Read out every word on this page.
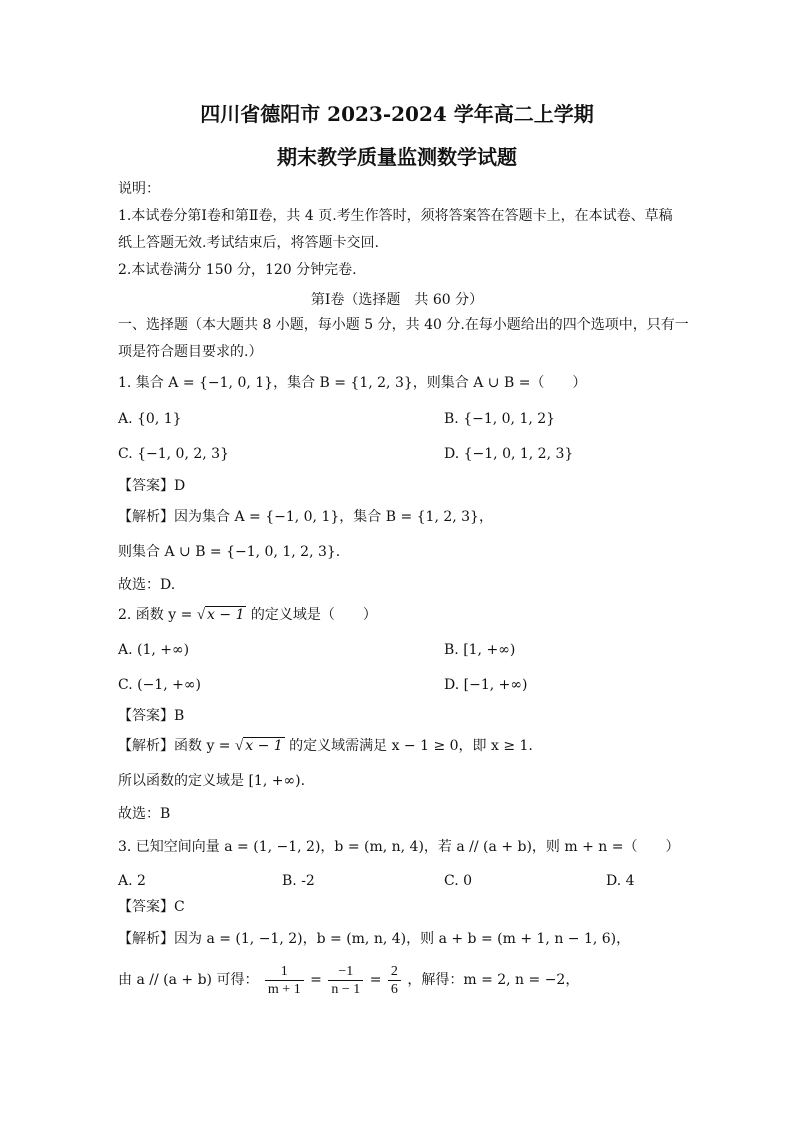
四川省德阳市 2023-2024 学年高二上学期
期末教学质量监测数学试题
说明：
1.本试卷分第Ⅰ卷和第Ⅱ卷，共 4 页.考生作答时，须将答案答在答题卡上，在本试卷、草稿
纸上答题无效.考试结束后，将答题卡交回.
2.本试卷满分 150 分，120 分钟完卷.
第Ⅰ卷（选择题　共 60 分）
一、选择题（本大题共 8 小题，每小题 5 分，共 40 分.在每小题给出的四个选项中，只有一
项是符合题目要求的.）
1. 集合 A = {−1, 0, 1}，集合 B = {1, 2, 3}，则集合 A ∪ B =（　　）
A. {0, 1}	B. {−1, 0, 1, 2}
C. {−1, 0, 2, 3}	D. {−1, 0, 1, 2, 3}
【答案】D
【解析】因为集合 A = {−1, 0, 1}，集合 B = {1, 2, 3}，
则集合 A ∪ B = {−1, 0, 1, 2, 3}.
故选：D.
2. 函数 y = √ x − 1 的定义域是（　　）
A. (1, +∞)	B. [1, +∞)
C. (−1, +∞)	D. [−1, +∞)
【答案】B
【解析】函数 y = √ x − 1 的定义域需满足 x − 1 ≥ 0，即 x ≥ 1.
所以函数的定义域是 [1, +∞).
故选：B
3. 已知空间向量 a = (1, −1, 2)，b = (m, n, 4)，若 a // (a + b)，则 m + n =（　　）
A. 2	B. -2	C. 0	D. 4
【答案】C
【解析】因为 a = (1, −1, 2)，b = (m, n, 4)，则 a + b = (m + 1, n − 1, 6)，
由 a // (a + b) 可得： $\frac{1}{m + 1} = \frac{-1}{n - 1} = \frac{2}{6}$ ，解得：m = 2, n = −2，
